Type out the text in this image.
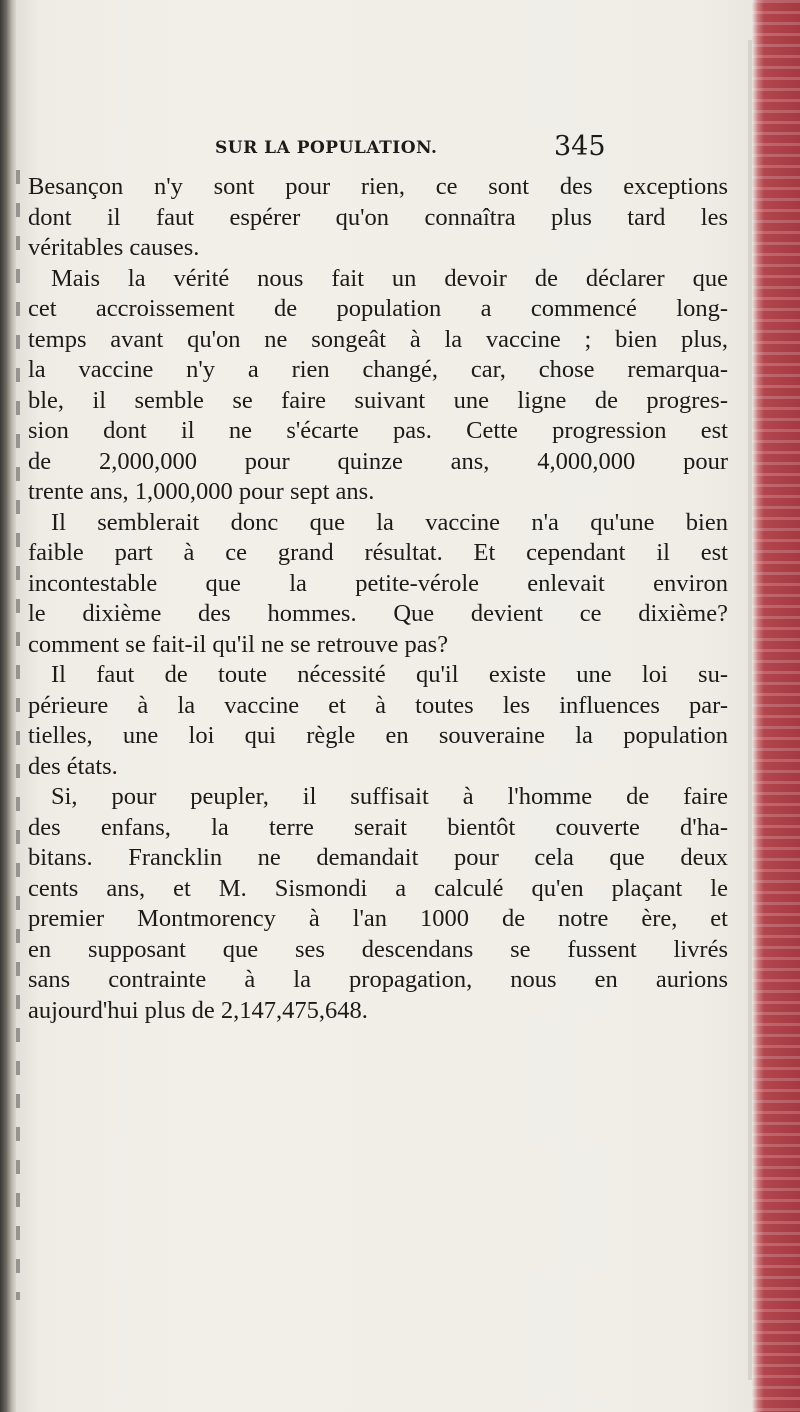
SUR LA POPULATION.	345
Besançon n'y sont pour rien, ce sont des exceptions
dont il faut espérer qu'on connaîtra plus tard les
véritables causes.
Mais la vérité nous fait un devoir de déclarer que
cet accroissement de population a commencé long-
temps avant qu'on ne songeât à la vaccine ; bien plus,
la vaccine n'y a rien changé, car, chose remarqua-
ble, il semble se faire suivant une ligne de progres-
sion dont il ne s'écarte pas. Cette progression est
de 2,000,000 pour quinze ans, 4,000,000 pour
trente ans, 1,000,000 pour sept ans.
Il semblerait donc que la vaccine n'a qu'une bien
faible part à ce grand résultat. Et cependant il est
incontestable que la petite-vérole enlevait environ
le dixième des hommes. Que devient ce dixième?
comment se fait-il qu'il ne se retrouve pas?
Il faut de toute nécessité qu'il existe une loi su-
périeure à la vaccine et à toutes les influences par-
tielles, une loi qui règle en souveraine la population
des états.
Si, pour peupler, il suffisait à l'homme de faire
des enfans, la terre serait bientôt couverte d'ha-
bitans. Francklin ne demandait pour cela que deux
cents ans, et M. Sismondi a calculé qu'en plaçant le
premier Montmorency à l'an 1000 de notre ère, et
en supposant que ses descendans se fussent livrés
sans contrainte à la propagation, nous en aurions
aujourd'hui plus de 2,147,475,648.
